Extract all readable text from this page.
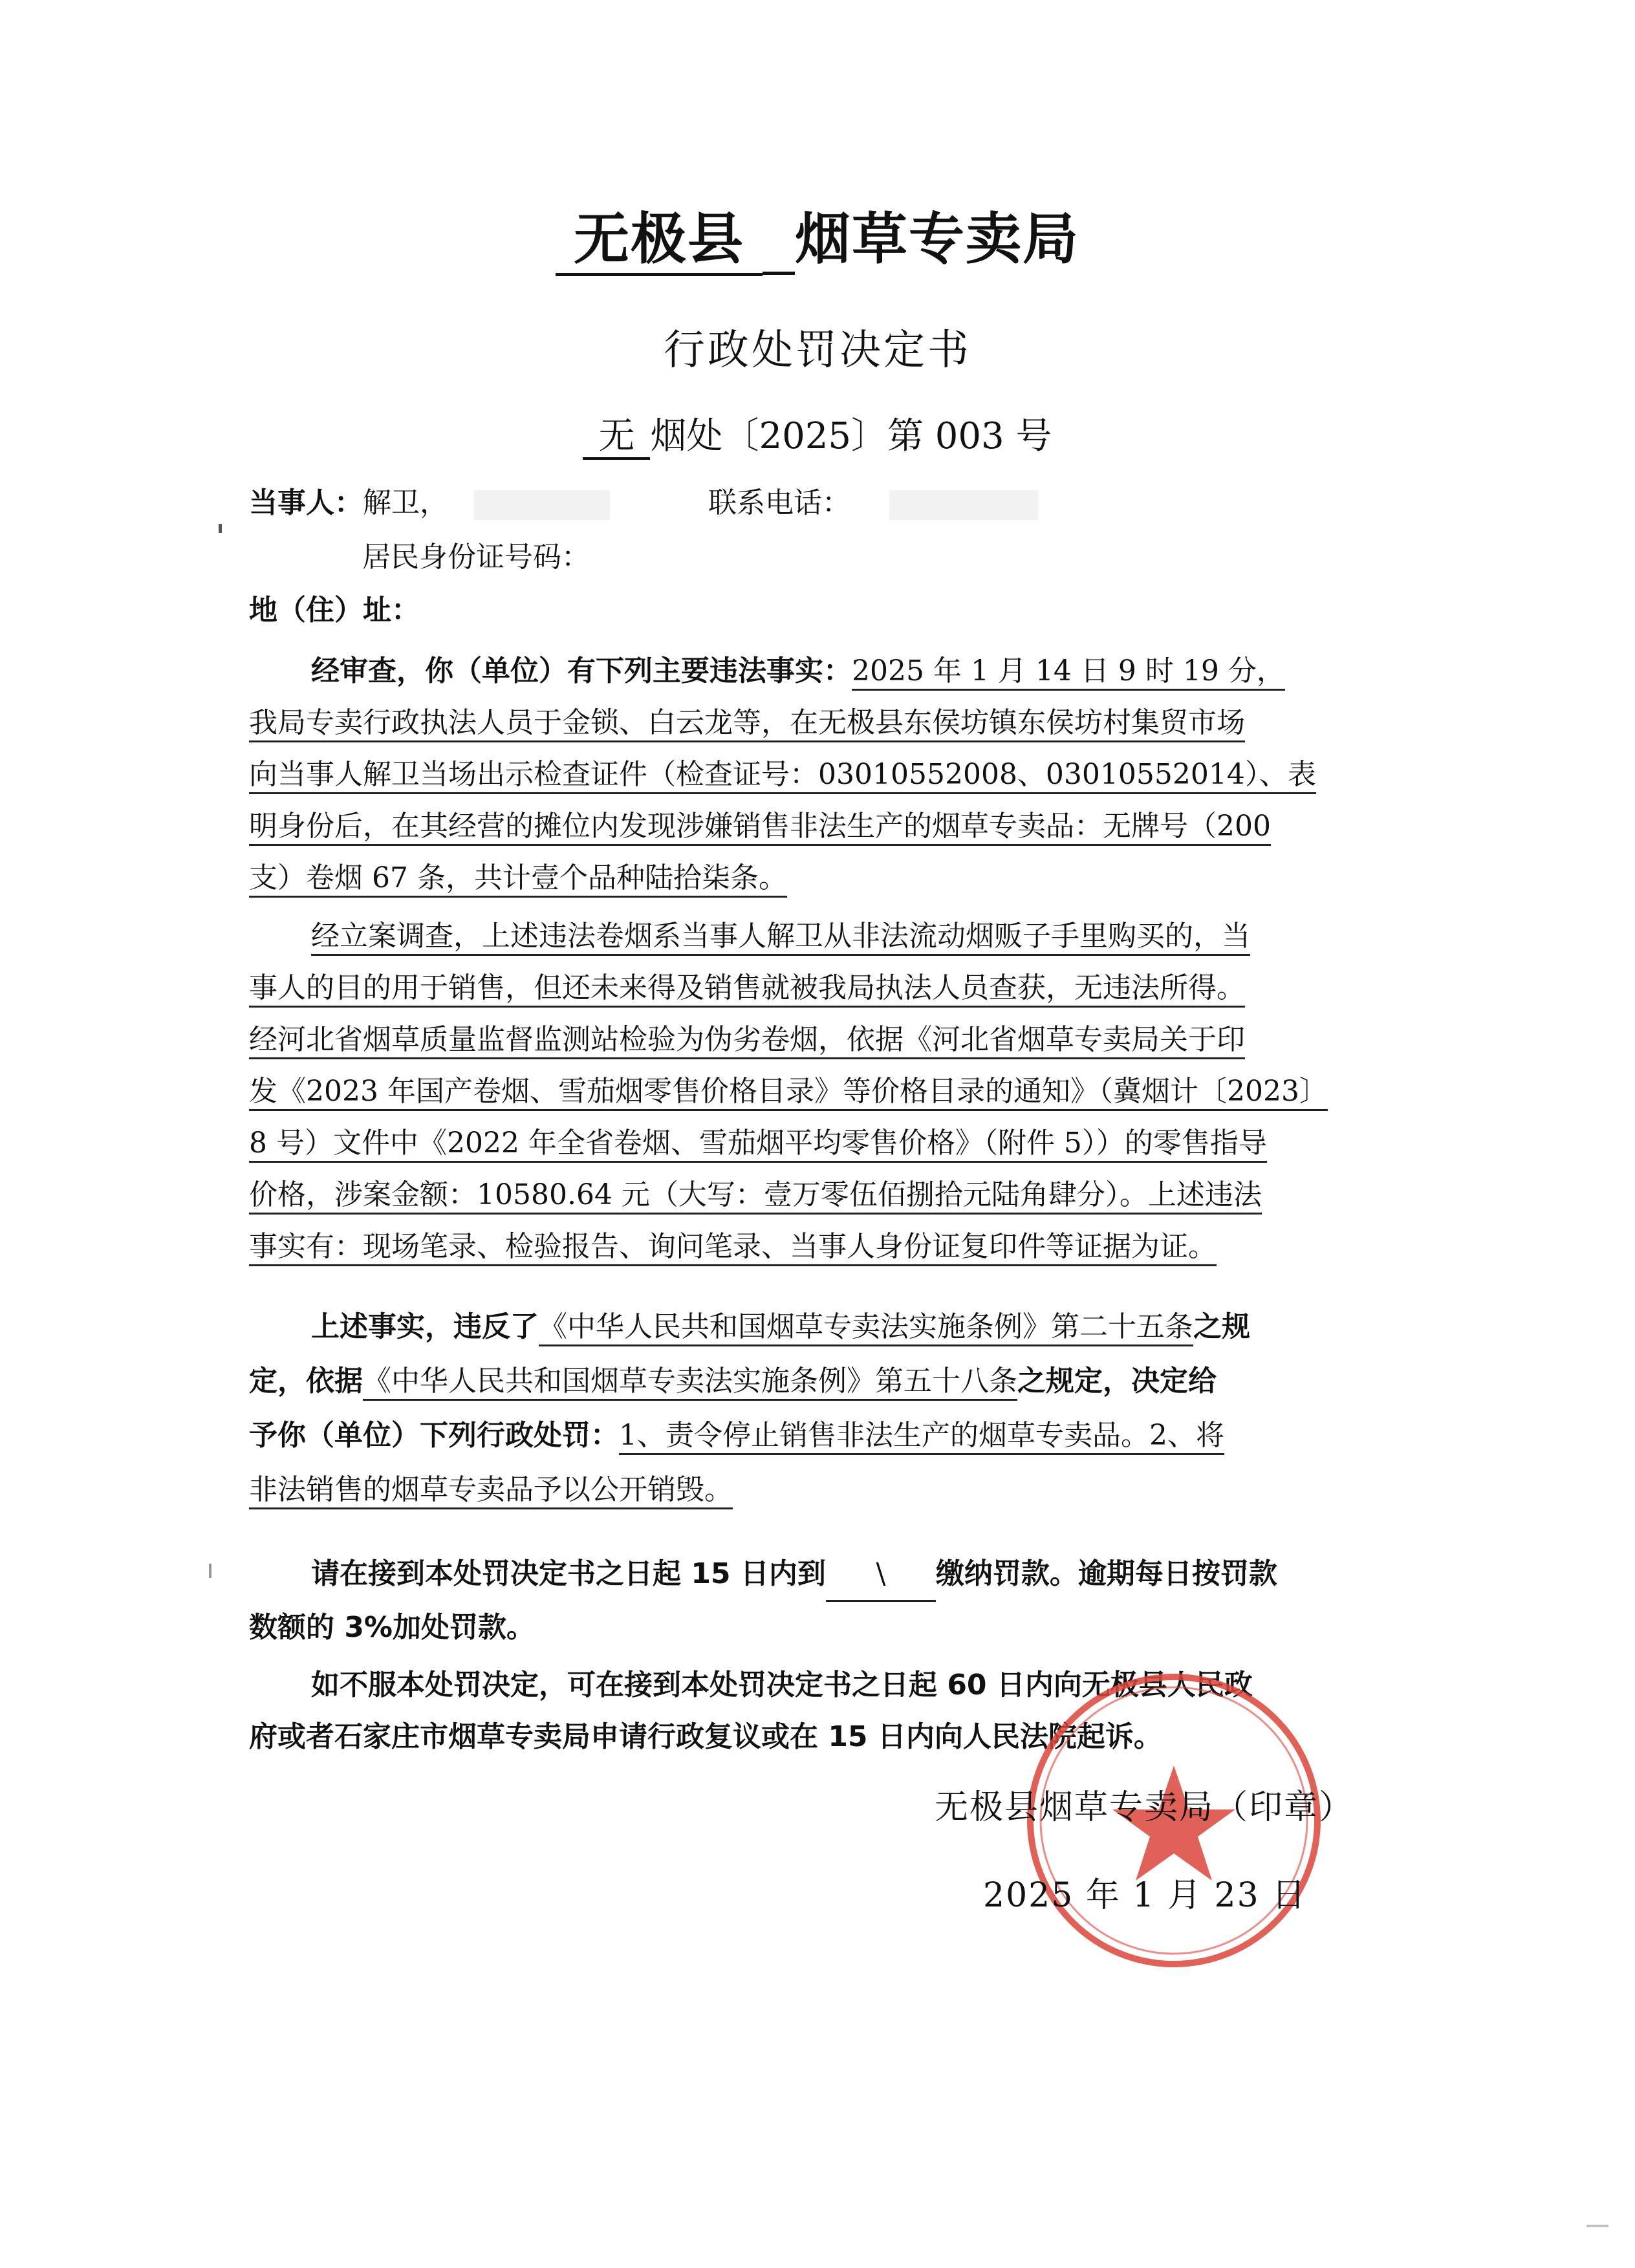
无极县 烟草专卖局
行政处罚决定书
无 烟处〔2025〕第 003 号
当事人：解卫，	联系电话：
居民身份证号码：
地（住）址：
经审查，你（单位）有下列主要违法事实：2025 年 1 月 14 日 9 时 19 分，
我局专卖行政执法人员于金锁、白云龙等，在无极县东侯坊镇东侯坊村集贸市场
向当事人解卫当场出示检查证件（检查证号：03010552008、03010552014）、表
明身份后，在其经营的摊位内发现涉嫌销售非法生产的烟草专卖品：无牌号（200
支）卷烟 67 条，共计壹个品种陆拾柒条。
经立案调查，上述违法卷烟系当事人解卫从非法流动烟贩子手里购买的，当
事人的目的用于销售，但还未来得及销售就被我局执法人员查获，无违法所得。
经河北省烟草质量监督监测站检验为伪劣卷烟，依据《河北省烟草专卖局关于印
发《2023 年国产卷烟、雪茄烟零售价格目录》等价格目录的通知》（冀烟计〔2023〕
8 号）文件中《2022 年全省卷烟、雪茄烟平均零售价格》（附件 5））的零售指导
价格，涉案金额：10580.64 元（大写：壹万零伍佰捌拾元陆角肆分）。上述违法
事实有：现场笔录、检验报告、询问笔录、当事人身份证复印件等证据为证。
上述事实，违反了《中华人民共和国烟草专卖法实施条例》第二十五条之规
定，依据《中华人民共和国烟草专卖法实施条例》第五十八条之规定，决定给
予你（单位）下列行政处罚：1、责令停止销售非法生产的烟草专卖品。2、将
非法销售的烟草专卖品予以公开销毁。
请在接到本处罚决定书之日起 15 日内到 \ 缴纳罚款。逾期每日按罚款
数额的 3%加处罚款。
如不服本处罚决定，可在接到本处罚决定书之日起 60 日内向无极县人民政
府或者石家庄市烟草专卖局申请行政复议或在 15 日内向人民法院起诉。
无极县烟草专卖局（印章）
2025 年 1 月 23 日
